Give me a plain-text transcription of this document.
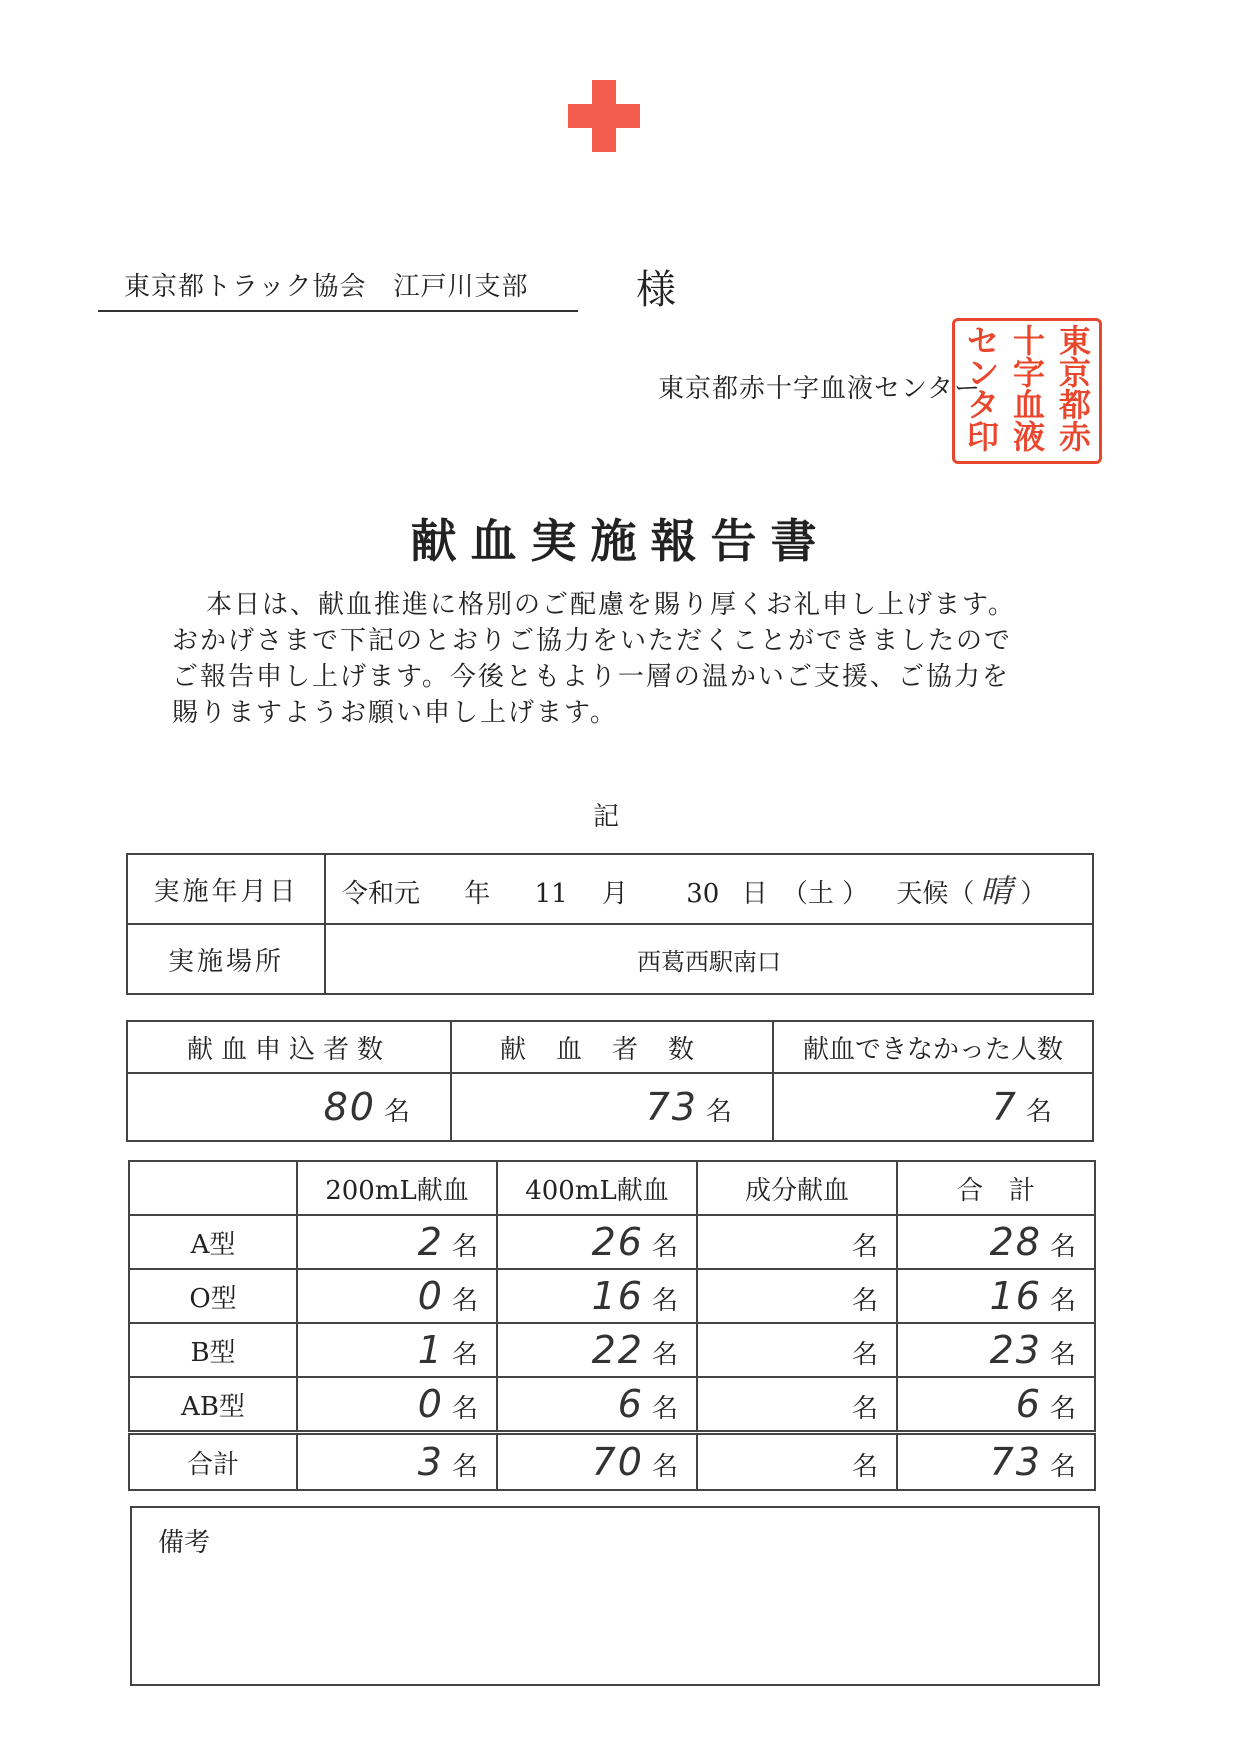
東京都トラック協会　江戸川支部	様
東京都赤十字血液センター
東
京
都
赤
十
字
血
液
セ
ン
タ
印
献血実施報告書

本日は、献血推進に格別のご配慮を賜り厚くお礼申し上げます。

おかげさまで下記のとおりご協力をいただくことができましたので

ご報告申し上げます。今後ともより一層の温かいご支援、ご協力を

賜りますようお願い申し上げます。

記
実施年月日	令和元 年 11 月 30 日 （土 ） 天候（ 晴 ）
実施場所	西葛西駅南口
献血申込者数	献血者数	献血できなかった人数
80 名	73 名	7 名
	200mL献血	400mL献血	成分献血	合　計
A型	2 名	26 名	名	28 名
O型	0 名	16 名	名	16 名
B型	1 名	22 名	名	23 名
AB型	0 名	6 名	名	6 名
合計	3 名	70 名	名	73 名
備考
